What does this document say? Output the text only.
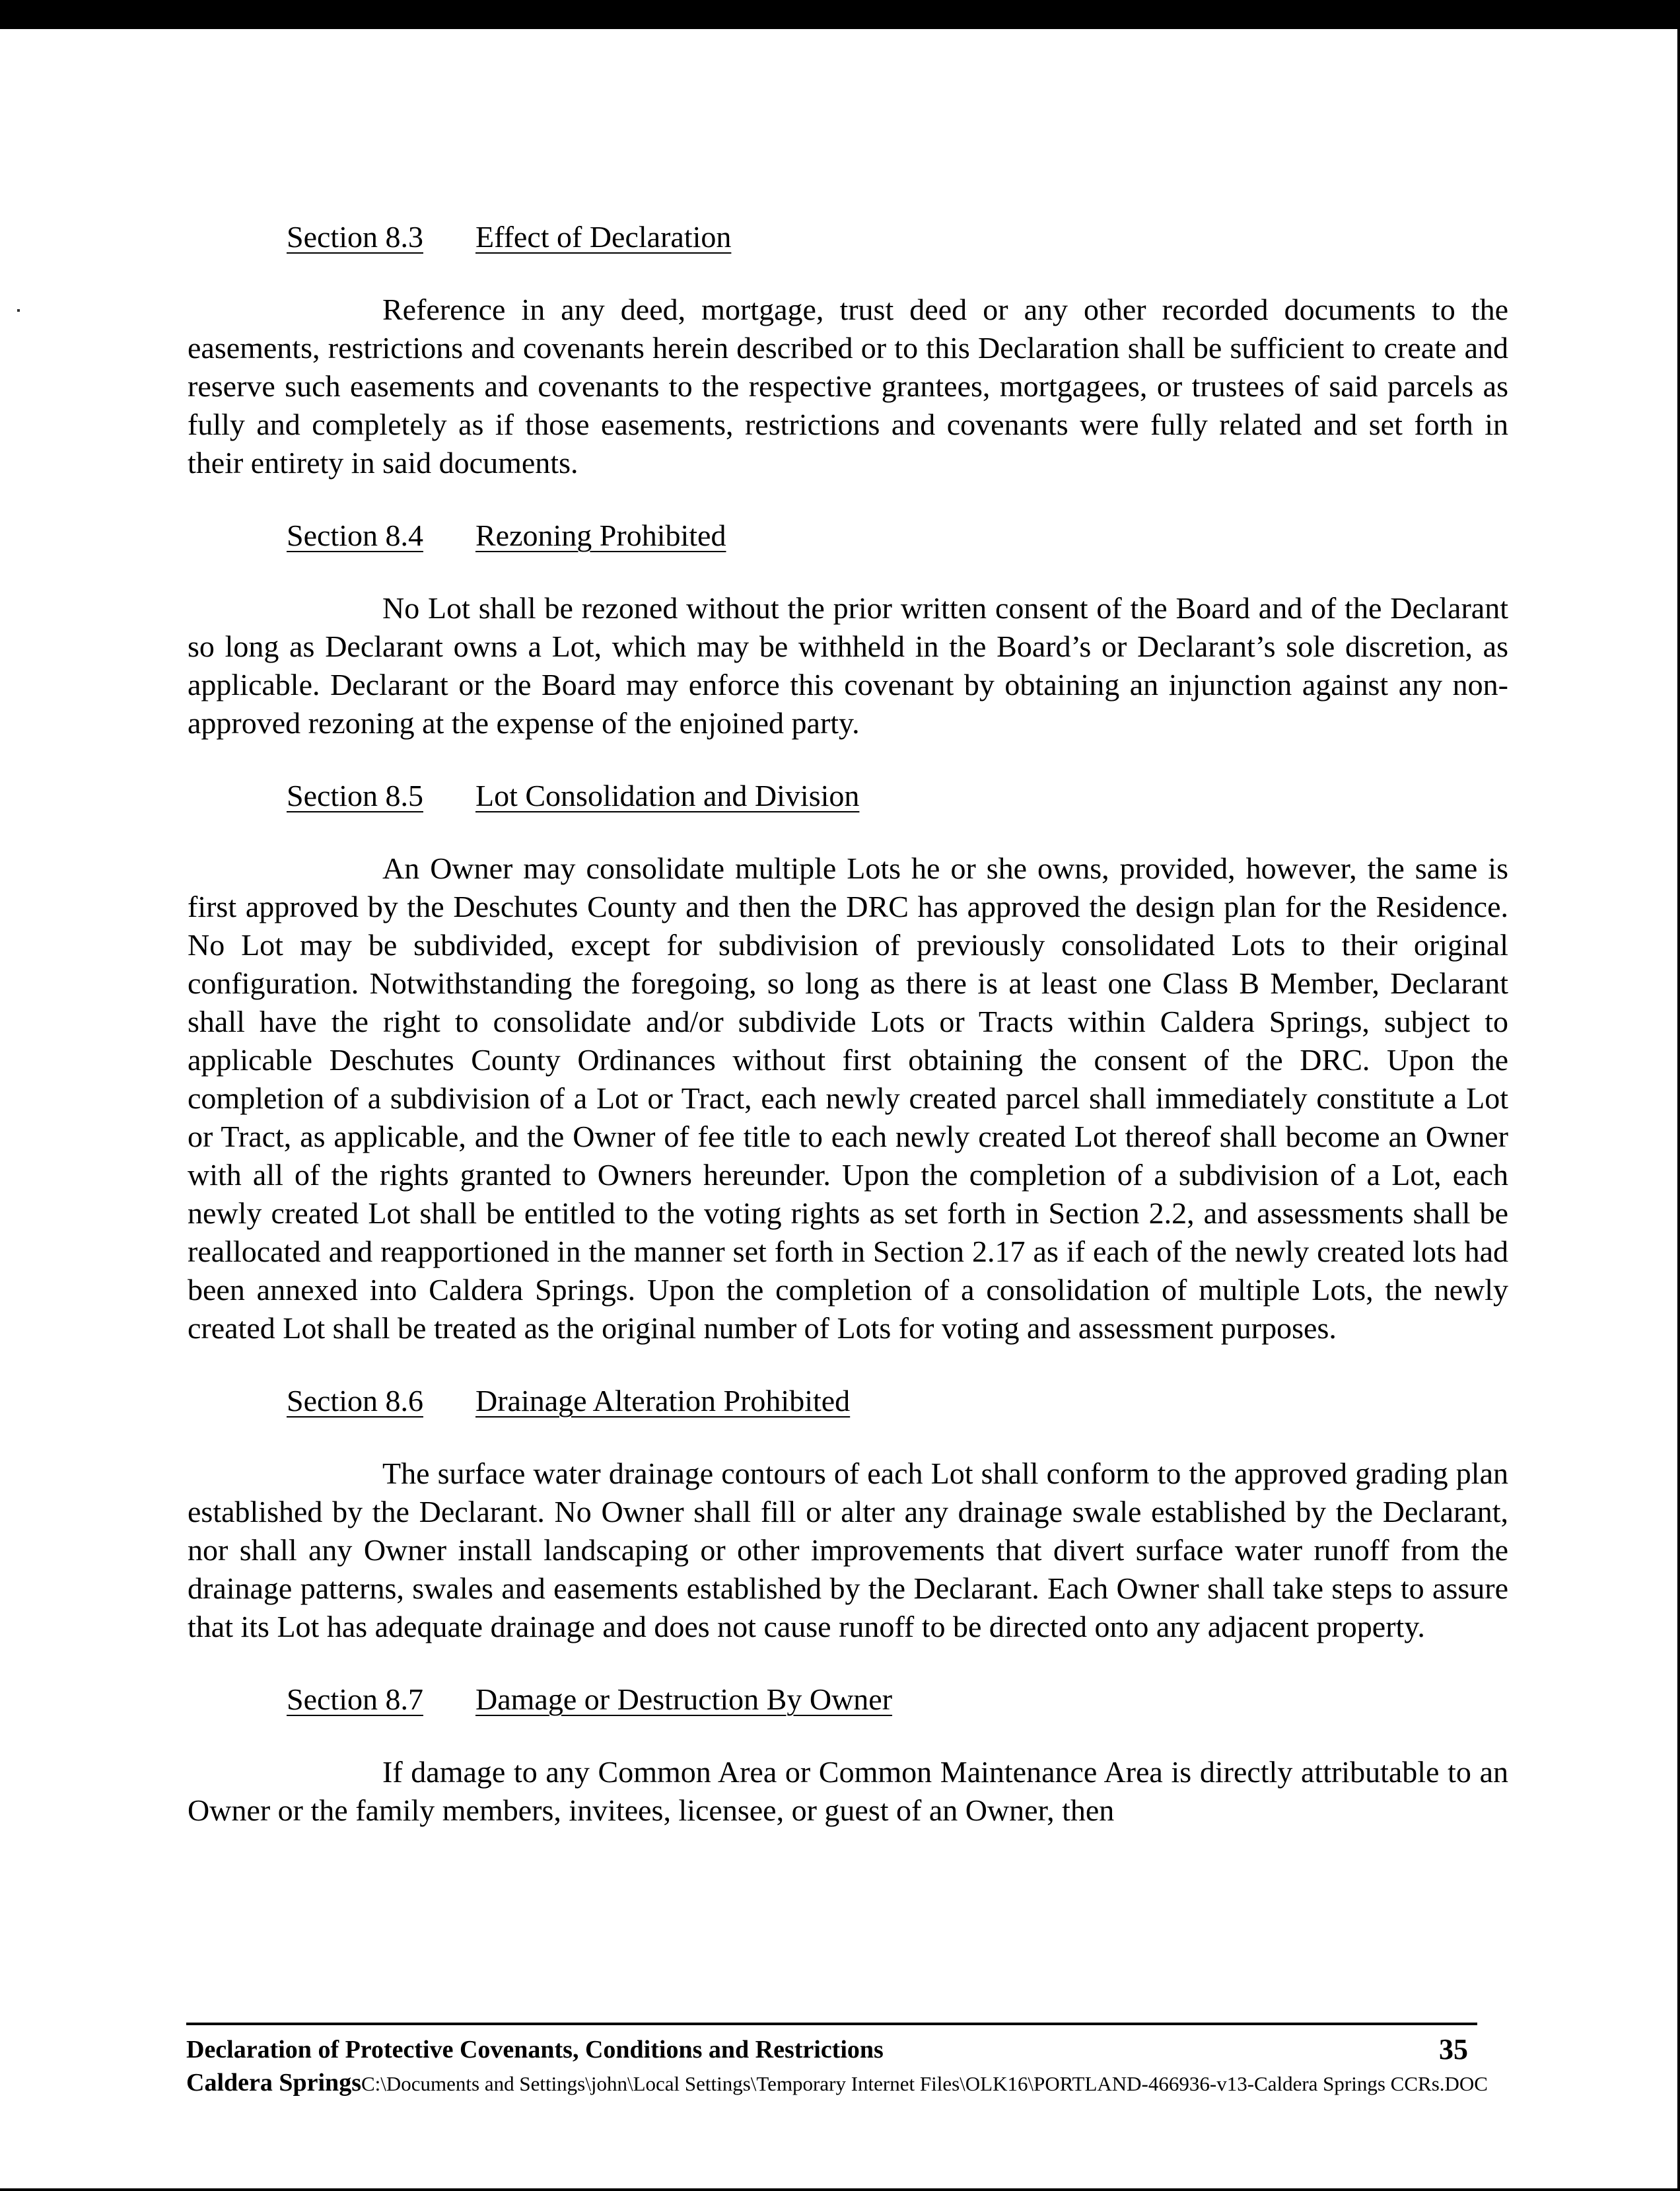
Section 8.3 Effect of Declaration
Reference in any deed, mortgage, trust deed or any other recorded documents to the easements, restrictions and covenants herein described or to this Declaration shall be sufficient to create and reserve such easements and covenants to the respective grantees, mortgagees, or trustees of said parcels as fully and completely as if those easements, restrictions and covenants were fully related and set forth in their entirety in said documents.
Section 8.4 Rezoning Prohibited
No Lot shall be rezoned without the prior written consent of the Board and of the Declarant so long as Declarant owns a Lot, which may be withheld in the Board’s or Declarant’s sole discretion, as applicable. Declarant or the Board may enforce this covenant by obtaining an injunction against any non-approved rezoning at the expense of the enjoined party.
Section 8.5 Lot Consolidation and Division
An Owner may consolidate multiple Lots he or she owns, provided, however, the same is first approved by the Deschutes County and then the DRC has approved the design plan for the Residence. No Lot may be subdivided, except for subdivision of previously consolidated Lots to their original configuration. Notwithstanding the foregoing, so long as there is at least one Class B Member, Declarant shall have the right to consolidate and/or subdivide Lots or Tracts within Caldera Springs, subject to applicable Deschutes County Ordinances without first obtaining the consent of the DRC. Upon the completion of a subdivision of a Lot or Tract, each newly created parcel shall immediately constitute a Lot or Tract, as applicable, and the Owner of fee title to each newly created Lot thereof shall become an Owner with all of the rights granted to Owners hereunder. Upon the completion of a subdivision of a Lot, each newly created Lot shall be entitled to the voting rights as set forth in Section 2.2, and assessments shall be reallocated and reapportioned in the manner set forth in Section 2.17 as if each of the newly created lots had been annexed into Caldera Springs. Upon the completion of a consolidation of multiple Lots, the newly created Lot shall be treated as the original number of Lots for voting and assessment purposes.
Section 8.6 Drainage Alteration Prohibited
The surface water drainage contours of each Lot shall conform to the approved grading plan established by the Declarant. No Owner shall fill or alter any drainage swale established by the Declarant, nor shall any Owner install landscaping or other improvements that divert surface water runoff from the drainage patterns, swales and easements established by the Declarant. Each Owner shall take steps to assure that its Lot has adequate drainage and does not cause runoff to be directed onto any adjacent property.
Section 8.7 Damage or Destruction By Owner
If damage to any Common Area or Common Maintenance Area is directly attributable to an Owner or the family members, invitees, licensee, or guest of an Owner, then
Declaration of Protective Covenants, Conditions and Restrictions	35
Caldera SpringsC:\Documents and Settings\john\Local Settings\Temporary Internet Files\OLK16\PORTLAND-466936-v13-Caldera Springs CCRs.DOC
